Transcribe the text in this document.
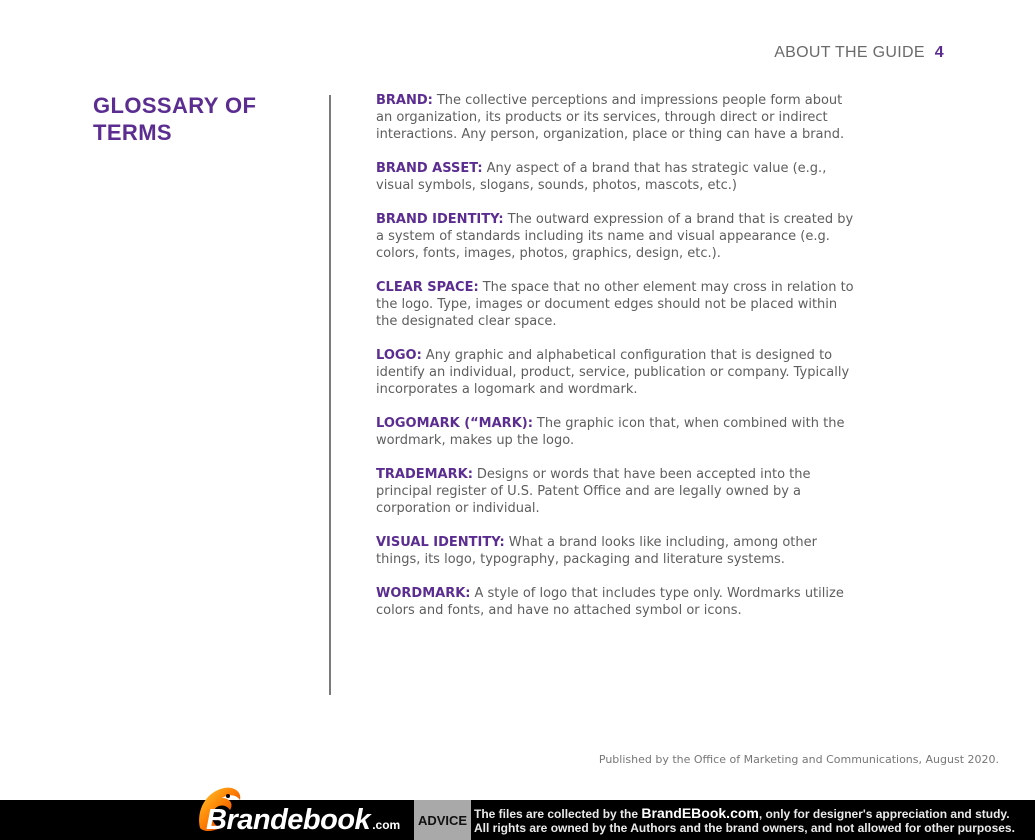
ABOUT THE GUIDE 4
GLOSSARY OF TERMS

BRAND: The collective perceptions and impressions people form about an organization, its products or its services, through direct or indirect interactions. Any person, organization, place or thing can have a brand.

BRAND ASSET: Any aspect of a brand that has strategic value (e.g., visual symbols, slogans, sounds, photos, mascots, etc.)

BRAND IDENTITY: The outward expression of a brand that is created by a system of standards including its name and visual appearance (e.g. colors, fonts, images, photos, graphics, design, etc.).

CLEAR SPACE: The space that no other element may cross in relation to the logo. Type, images or document edges should not be placed within the designated clear space.

LOGO: Any graphic and alphabetical configuration that is designed to identify an individual, product, service, publication or company. Typically incorporates a logomark and wordmark.

LOGOMARK (“MARK): The graphic icon that, when combined with the wordmark, makes up the logo.

TRADEMARK: Designs or words that have been accepted into the principal register of U.S. Patent Office and are legally owned by a corporation or individual.

VISUAL IDENTITY: What a brand looks like including, among other things, its logo, typography, packaging and literature systems.

WORDMARK: A style of logo that includes type only. Wordmarks utilize colors and fonts, and have no attached symbol or icons.

Published by the Office of Marketing and Communications, August 2020.
Brandebook .com	ADVICE The files are collected by the BrandEBook.com, only for designer's appreciation and study.
All rights are owned by the Authors and the brand owners, and not allowed for other purposes.
